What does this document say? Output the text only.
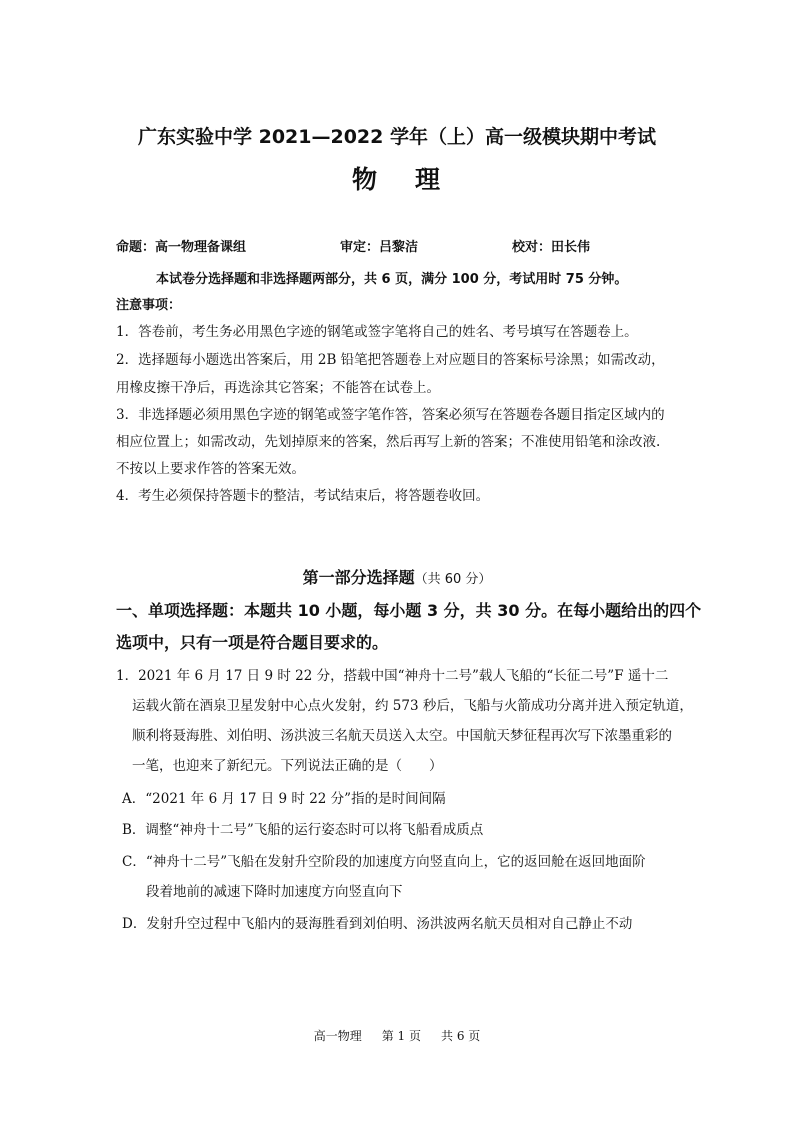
广东实验中学 2021—2022 学年（上）高一级模块期中考试
物 理
命题：高一物理备课组	审定：吕黎洁	校对：田长伟
本试卷分选择题和非选择题两部分，共 6 页，满分 100 分，考试用时 75 分钟。
注意事项：
1．答卷前，考生务必用黑色字迹的钢笔或签字笔将自己的姓名、考号填写在答题卷上。
2．选择题每小题选出答案后，用 2B 铅笔把答题卷上对应题目的答案标号涂黑；如需改动，
用橡皮擦干净后，再选涂其它答案；不能答在试卷上。
3．非选择题必须用黑色字迹的钢笔或签字笔作答，答案必须写在答题卷各题目指定区域内的
相应位置上；如需改动，先划掉原来的答案，然后再写上新的答案；不准使用铅笔和涂改液.
不按以上要求作答的答案无效。
4．考生必须保持答题卡的整洁，考试结束后，将答题卷收回。
第一部分选择题（共 60 分）
一、单项选择题：本题共 10 小题，每小题 3 分，共 30 分。在每小题给出的四个
选项中，只有一项是符合题目要求的。
1．2021 年 6 月 17 日 9 时 22 分，搭载中国“神舟十二号”载人飞船的“长征二号”F 遥十二
运载火箭在酒泉卫星发射中心点火发射，约 573 秒后，飞船与火箭成功分离并进入预定轨道，
顺利将聂海胜、刘伯明、汤洪波三名航天员送入太空。中国航天梦征程再次写下浓墨重彩的
一笔，也迎来了新纪元。下列说法正确的是（　　）
A．“2021 年 6 月 17 日 9 时 22 分”指的是时间间隔
B．调整“神舟十二号”飞船的运行姿态时可以将飞船看成质点
C．“神舟十二号”飞船在发射升空阶段的加速度方向竖直向上，它的返回舱在返回地面阶
段着地前的减速下降时加速度方向竖直向下
D．发射升空过程中飞船内的聂海胜看到刘伯明、汤洪波两名航天员相对自己静止不动
高一物理 第 1 页 共 6 页
